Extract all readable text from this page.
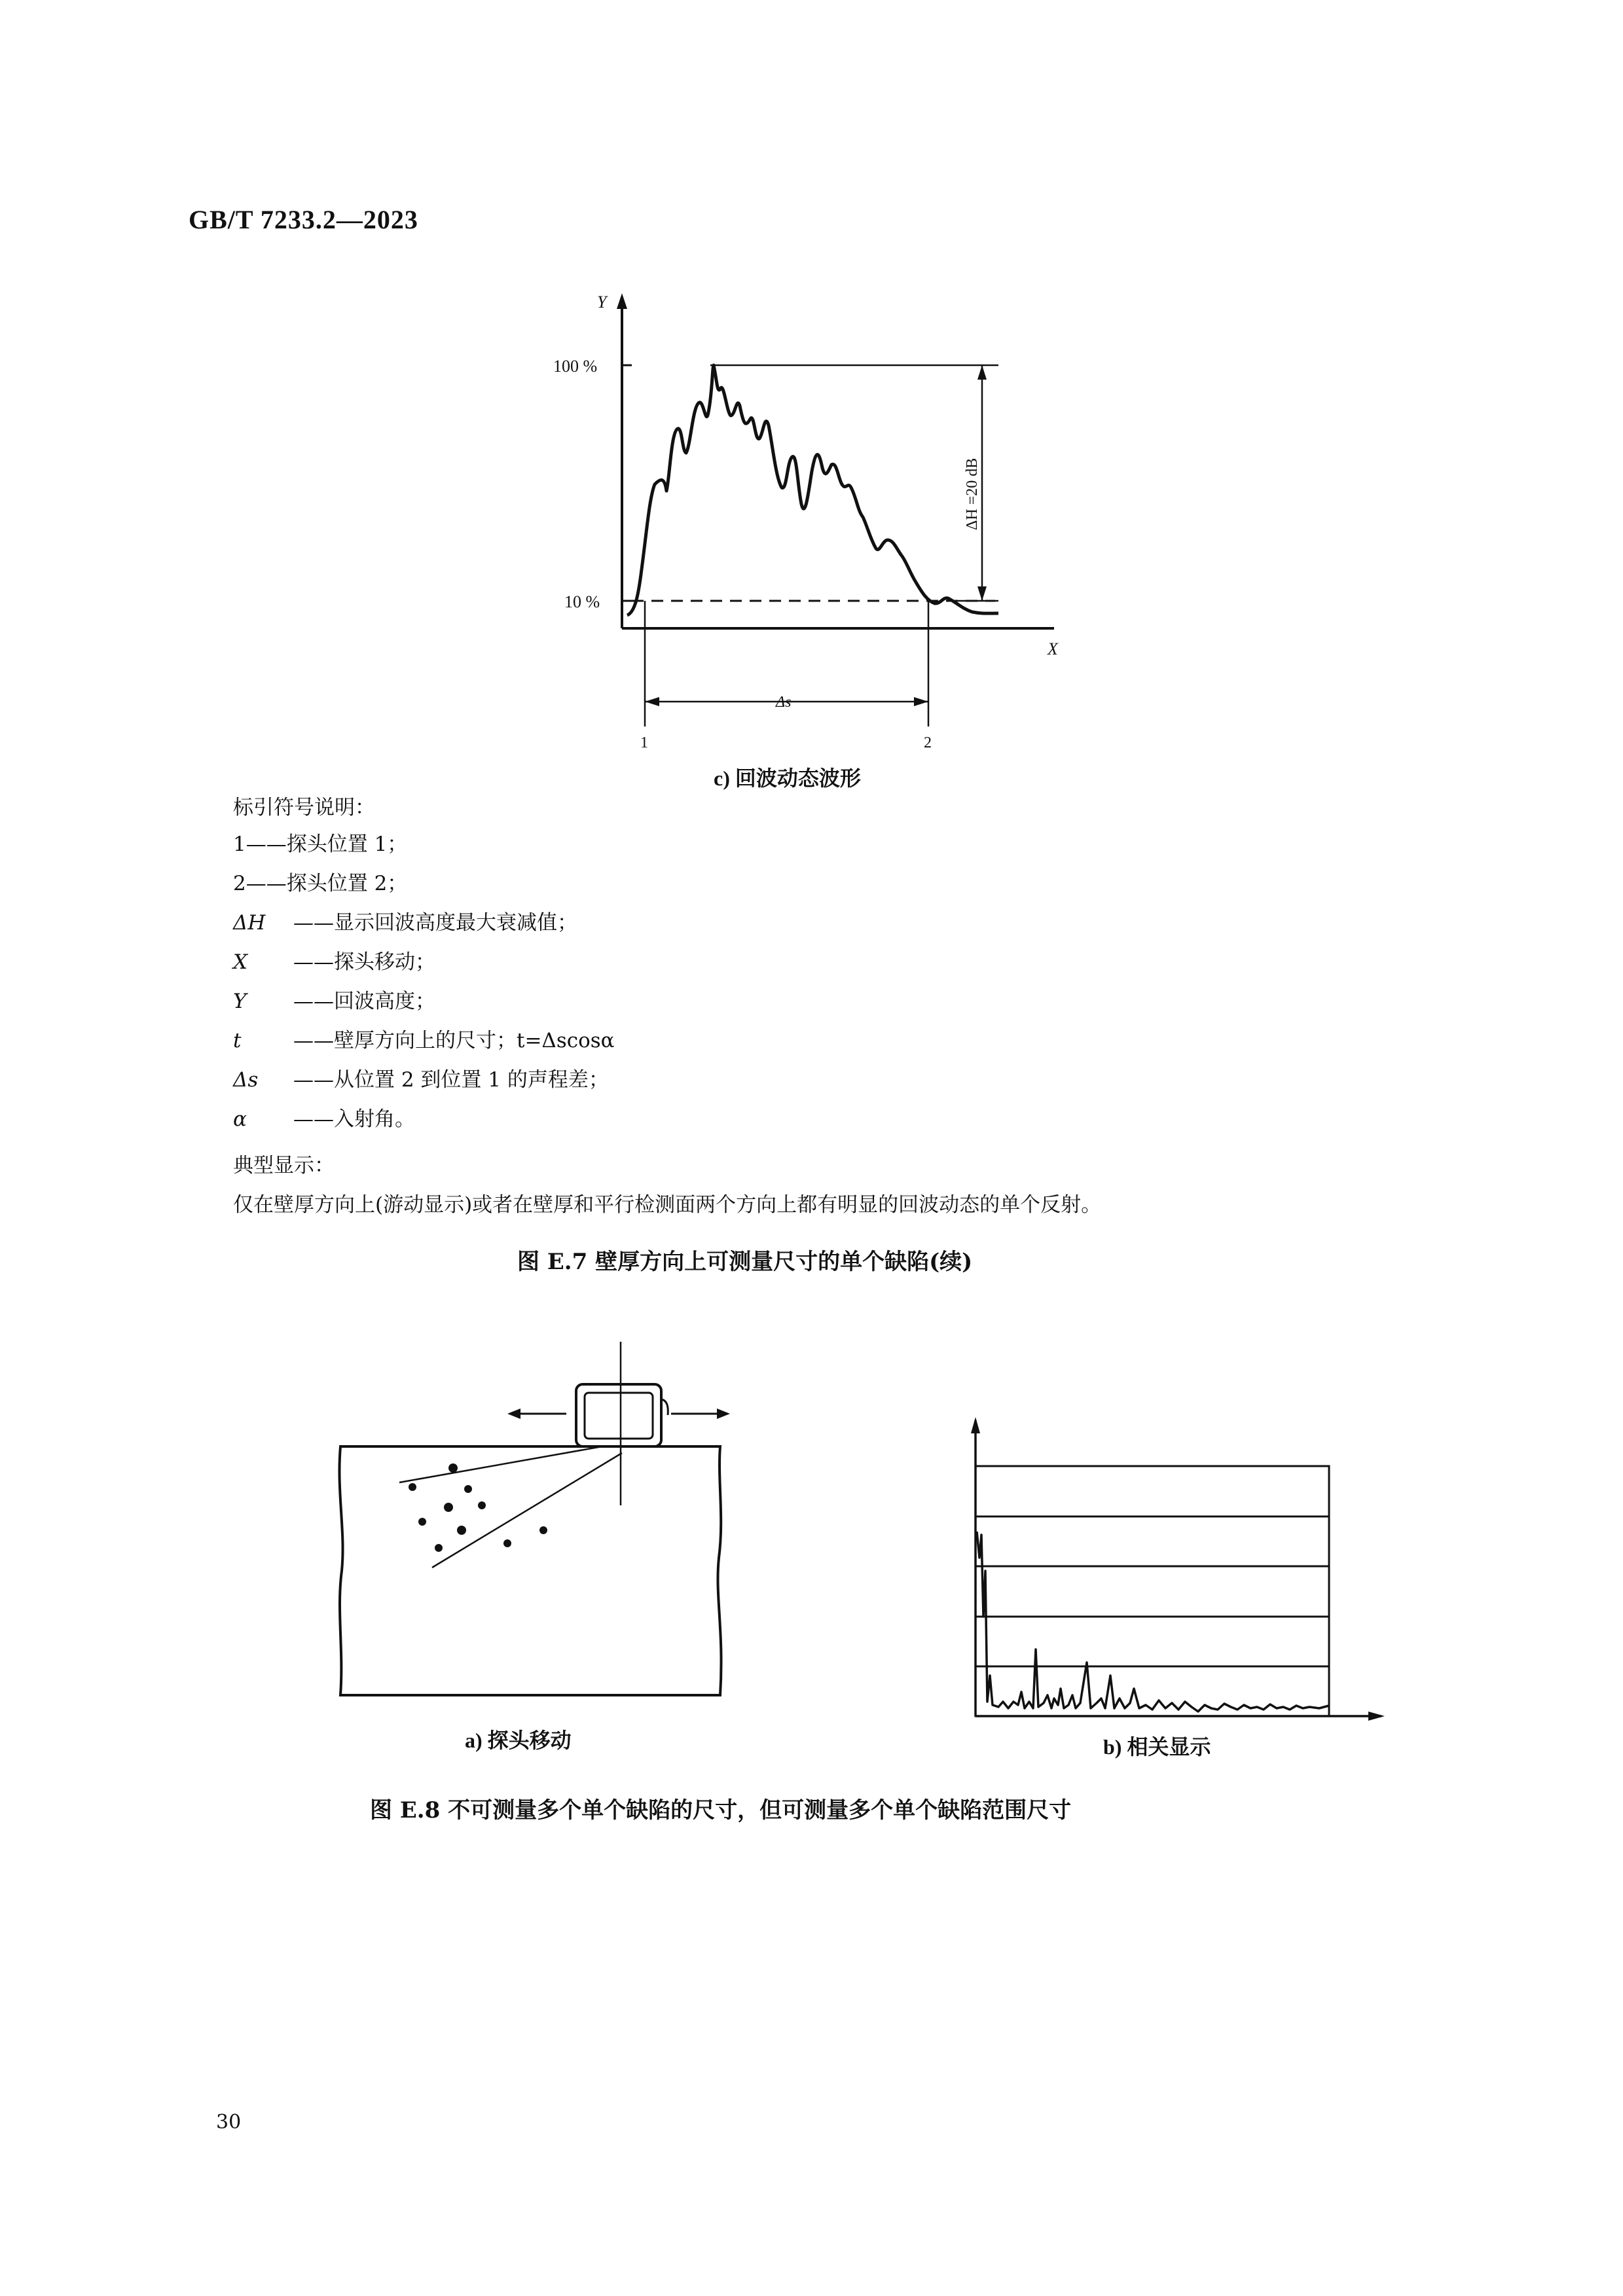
GB/T 7233.2—2023
Y
X
100 %
10 %
ΔH =20 dB
Δs
1	2
c) 回波动态波形
标引符号说明：
1——探头位置 1；
2——探头位置 2；
ΔH ——显示回波高度最大衰减值；
X ——探头移动；
Y ——回波高度；
t	——壁厚方向上的尺寸；t=Δscosα
Δs ——从位置 2 到位置 1 的声程差；
α ——入射角。
典型显示：
仅在壁厚方向上(游动显示)或者在壁厚和平行检测面两个方向上都有明显的回波动态的单个反射。
图 E.7 壁厚方向上可测量尺寸的单个缺陷(续)
a) 探头移动	b) 相关显示
图 E.8 不可测量多个单个缺陷的尺寸，但可测量多个单个缺陷范围尺寸
30
